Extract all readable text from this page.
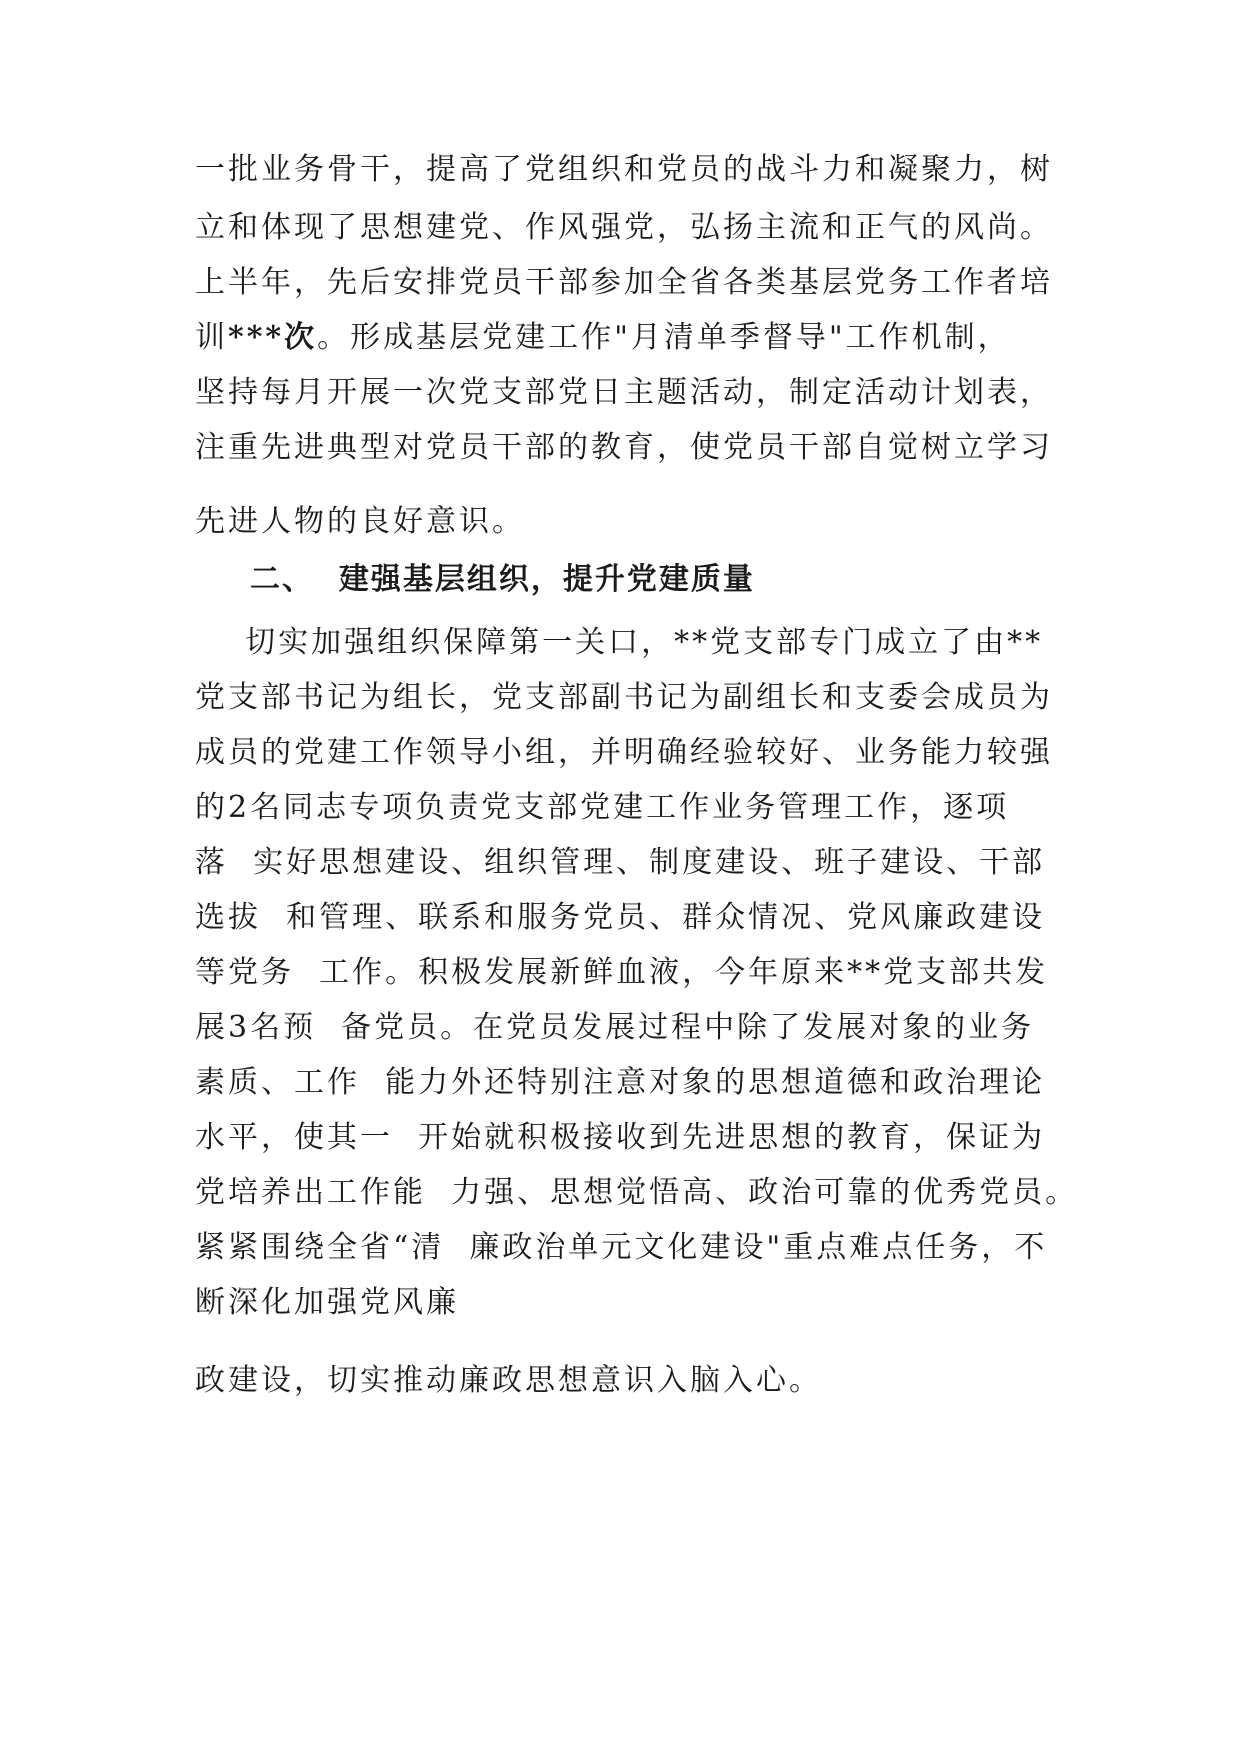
一批业务骨干，提高了党组织和党员的战斗力和凝聚力，树
立和体现了思想建党、作风强党，弘扬主流和正气的风尚。
上半年，先后安排党员干部参加全省各类基层党务工作者培
训***次。形成基层党建工作"月清单季督导"工作机制，
坚持每月开展一次党支部党日主题活动，制定活动计划表，
注重先进典型对党员干部的教育，使党员干部自觉树立学习
先进人物的良好意识。
二、  建强基层组织，提升党建质量
切实加强组织保障第一关口，**党支部专门成立了由**
党支部书记为组长，党支部副书记为副组长和支委会成员为
成员的党建工作领导小组，并明确经验较好、业务能力较强
的2名同志专项负责党支部党建工作业务管理工作，逐项
落  实好思想建设、组织管理、制度建设、班子建设、干部
选拔  和管理、联系和服务党员、群众情况、党风廉政建设
等党务  工作。积极发展新鲜血液，今年原来**党支部共发
展3名预  备党员。在党员发展过程中除了发展对象的业务
素质、工作  能力外还特别注意对象的思想道德和政治理论
水平，使其一  开始就积极接收到先进思想的教育，保证为
党培养出工作能  力强、思想觉悟高、政治可靠的优秀党员。
紧紧围绕全省“清  廉政治单元文化建设"重点难点任务，不
断深化加强党风廉
政建设，切实推动廉政思想意识入脑入心。
